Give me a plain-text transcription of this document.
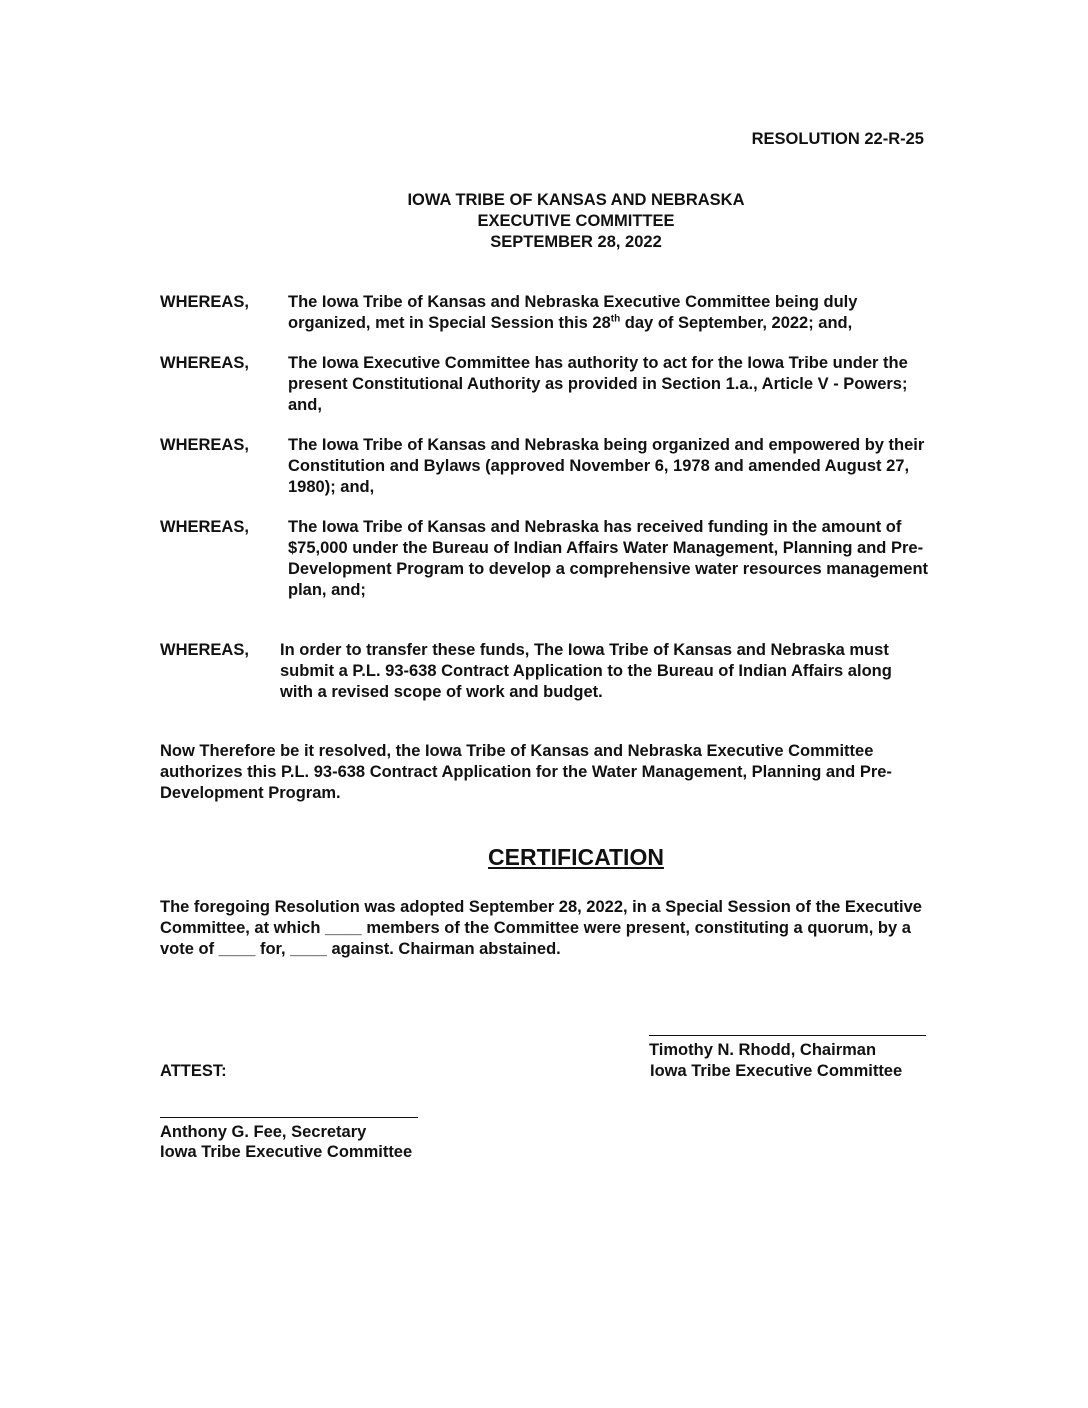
RESOLUTION 22-R-25
IOWA TRIBE OF KANSAS AND NEBRASKA
EXECUTIVE COMMITTEE
SEPTEMBER 28, 2022
WHEREAS, The Iowa Tribe of Kansas and Nebraska Executive Committee being duly organized, met in Special Session this 28th day of September, 2022; and,
WHEREAS, The Iowa Executive Committee has authority to act for the Iowa Tribe under the present Constitutional Authority as provided in Section 1.a., Article V - Powers; and,
WHEREAS, The Iowa Tribe of Kansas and Nebraska being organized and empowered by their Constitution and Bylaws (approved November 6, 1978 and amended August 27, 1980); and,
WHEREAS, The Iowa Tribe of Kansas and Nebraska has received funding in the amount of $75,000 under the Bureau of Indian Affairs Water Management, Planning and Pre-Development Program to develop a comprehensive water resources management plan, and;
WHEREAS, In order to transfer these funds, The Iowa Tribe of Kansas and Nebraska must submit a P.L. 93-638 Contract Application to the Bureau of Indian Affairs along with a revised scope of work and budget.
Now Therefore be it resolved, the Iowa Tribe of Kansas and Nebraska Executive Committee authorizes this P.L. 93-638 Contract Application for the Water Management, Planning and Pre-Development Program.
CERTIFICATION
The foregoing Resolution was adopted September 28, 2022, in a Special Session of the Executive Committee, at which ____ members of the Committee were present, constituting a quorum, by a vote of ____ for, ____ against. Chairman abstained.
Timothy N. Rhodd, Chairman
Iowa Tribe Executive Committee
ATTEST:
Anthony G. Fee, Secretary
Iowa Tribe Executive Committee
